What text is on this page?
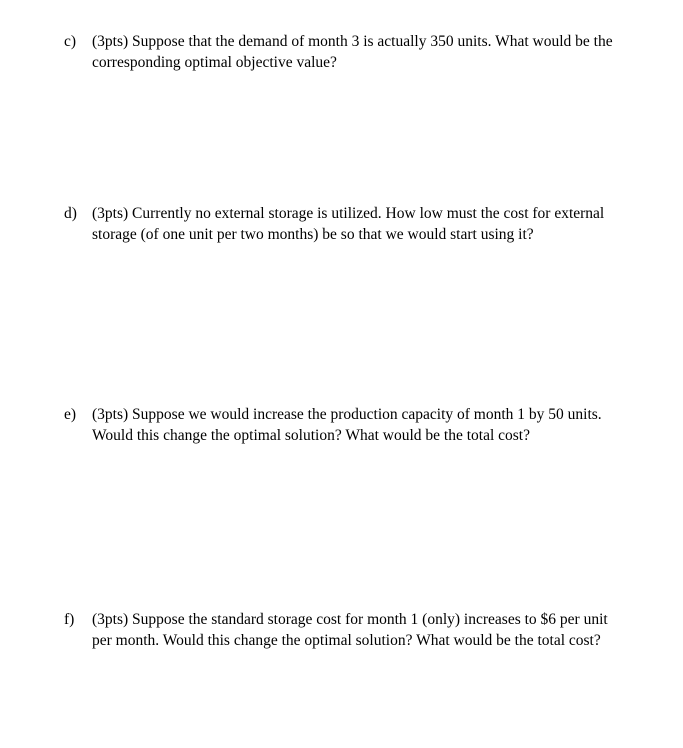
c) (3pts) Suppose that the demand of month 3 is actually 350 units. What would be the
corresponding optimal objective value?
d) (3pts) Currently no external storage is utilized. How low must the cost for external
storage (of one unit per two months) be so that we would start using it?
e) (3pts) Suppose we would increase the production capacity of month 1 by 50 units.
Would this change the optimal solution? What would be the total cost?
f) (3pts) Suppose the standard storage cost for month 1 (only) increases to $6 per unit
per month. Would this change the optimal solution? What would be the total cost?
